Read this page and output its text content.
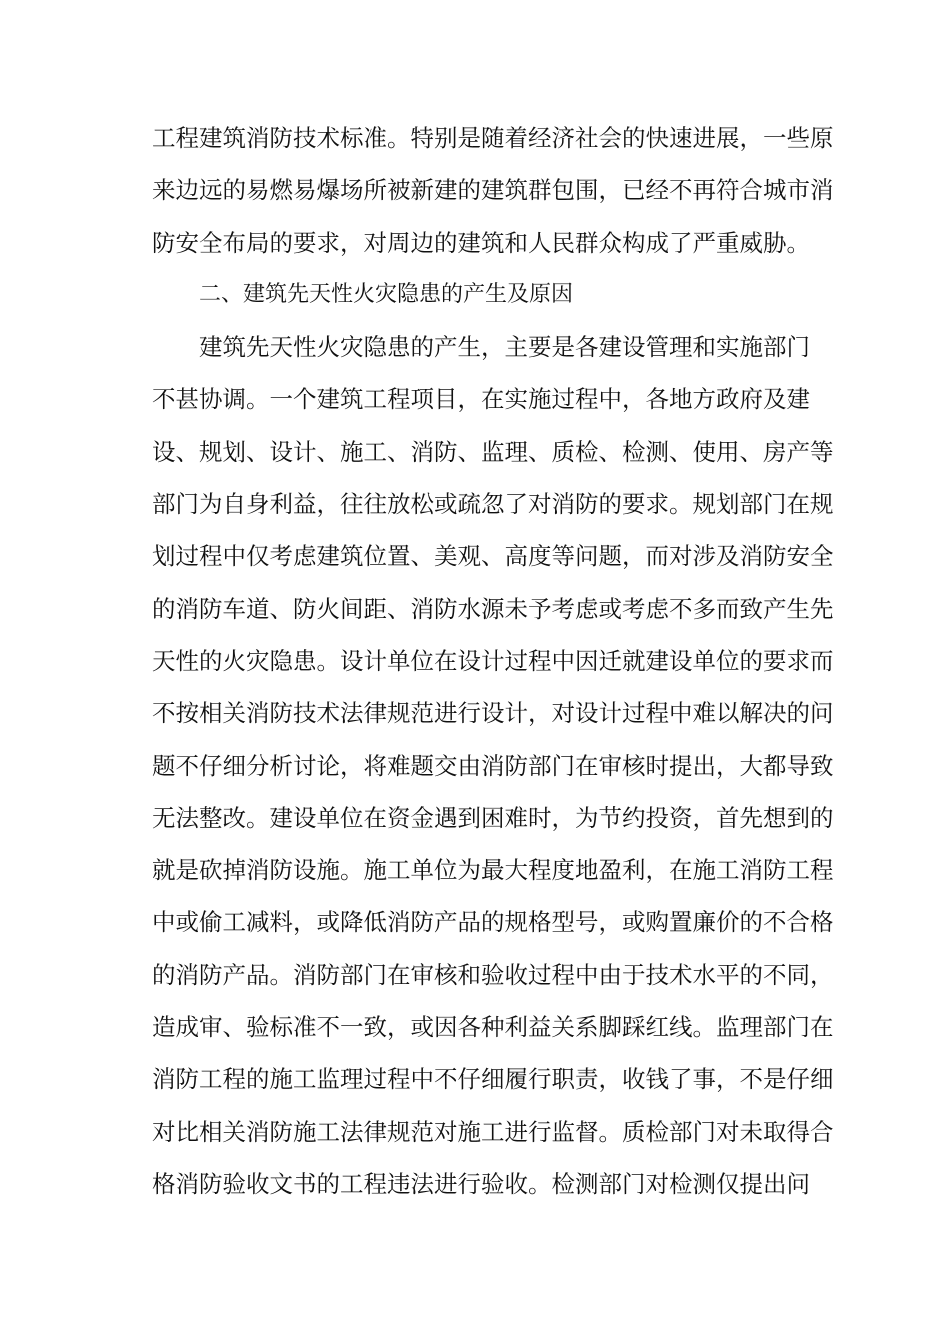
工程建筑消防技术标准。特别是随着经济社会的快速进展，一些原
来边远的易燃易爆场所被新建的建筑群包围，已经不再符合城市消
防安全布局的要求，对周边的建筑和人民群众构成了严重威胁。
二、建筑先天性火灾隐患的产生及原因
建筑先天性火灾隐患的产生，主要是各建设管理和实施部门
不甚协调。一个建筑工程项目，在实施过程中，各地方政府及建
设、规划、设计、施工、消防、监理、质检、检测、使用、房产等
部门为自身利益，往往放松或疏忽了对消防的要求。规划部门在规
划过程中仅考虑建筑位置、美观、高度等问题，而对涉及消防安全
的消防车道、防火间距、消防水源未予考虑或考虑不多而致产生先
天性的火灾隐患。设计单位在设计过程中因迁就建设单位的要求而
不按相关消防技术法律规范进行设计，对设计过程中难以解决的问
题不仔细分析讨论，将难题交由消防部门在审核时提出，大都导致
无法整改。建设单位在资金遇到困难时，为节约投资，首先想到的
就是砍掉消防设施。施工单位为最大程度地盈利，在施工消防工程
中或偷工减料，或降低消防产品的规格型号，或购置廉价的不合格
的消防产品。消防部门在审核和验收过程中由于技术水平的不同，
造成审、验标准不一致，或因各种利益关系脚踩红线。监理部门在
消防工程的施工监理过程中不仔细履行职责，收钱了事，不是仔细
对比相关消防施工法律规范对施工进行监督。质检部门对未取得合
格消防验收文书的工程违法进行验收。检测部门对检测仅提出问
